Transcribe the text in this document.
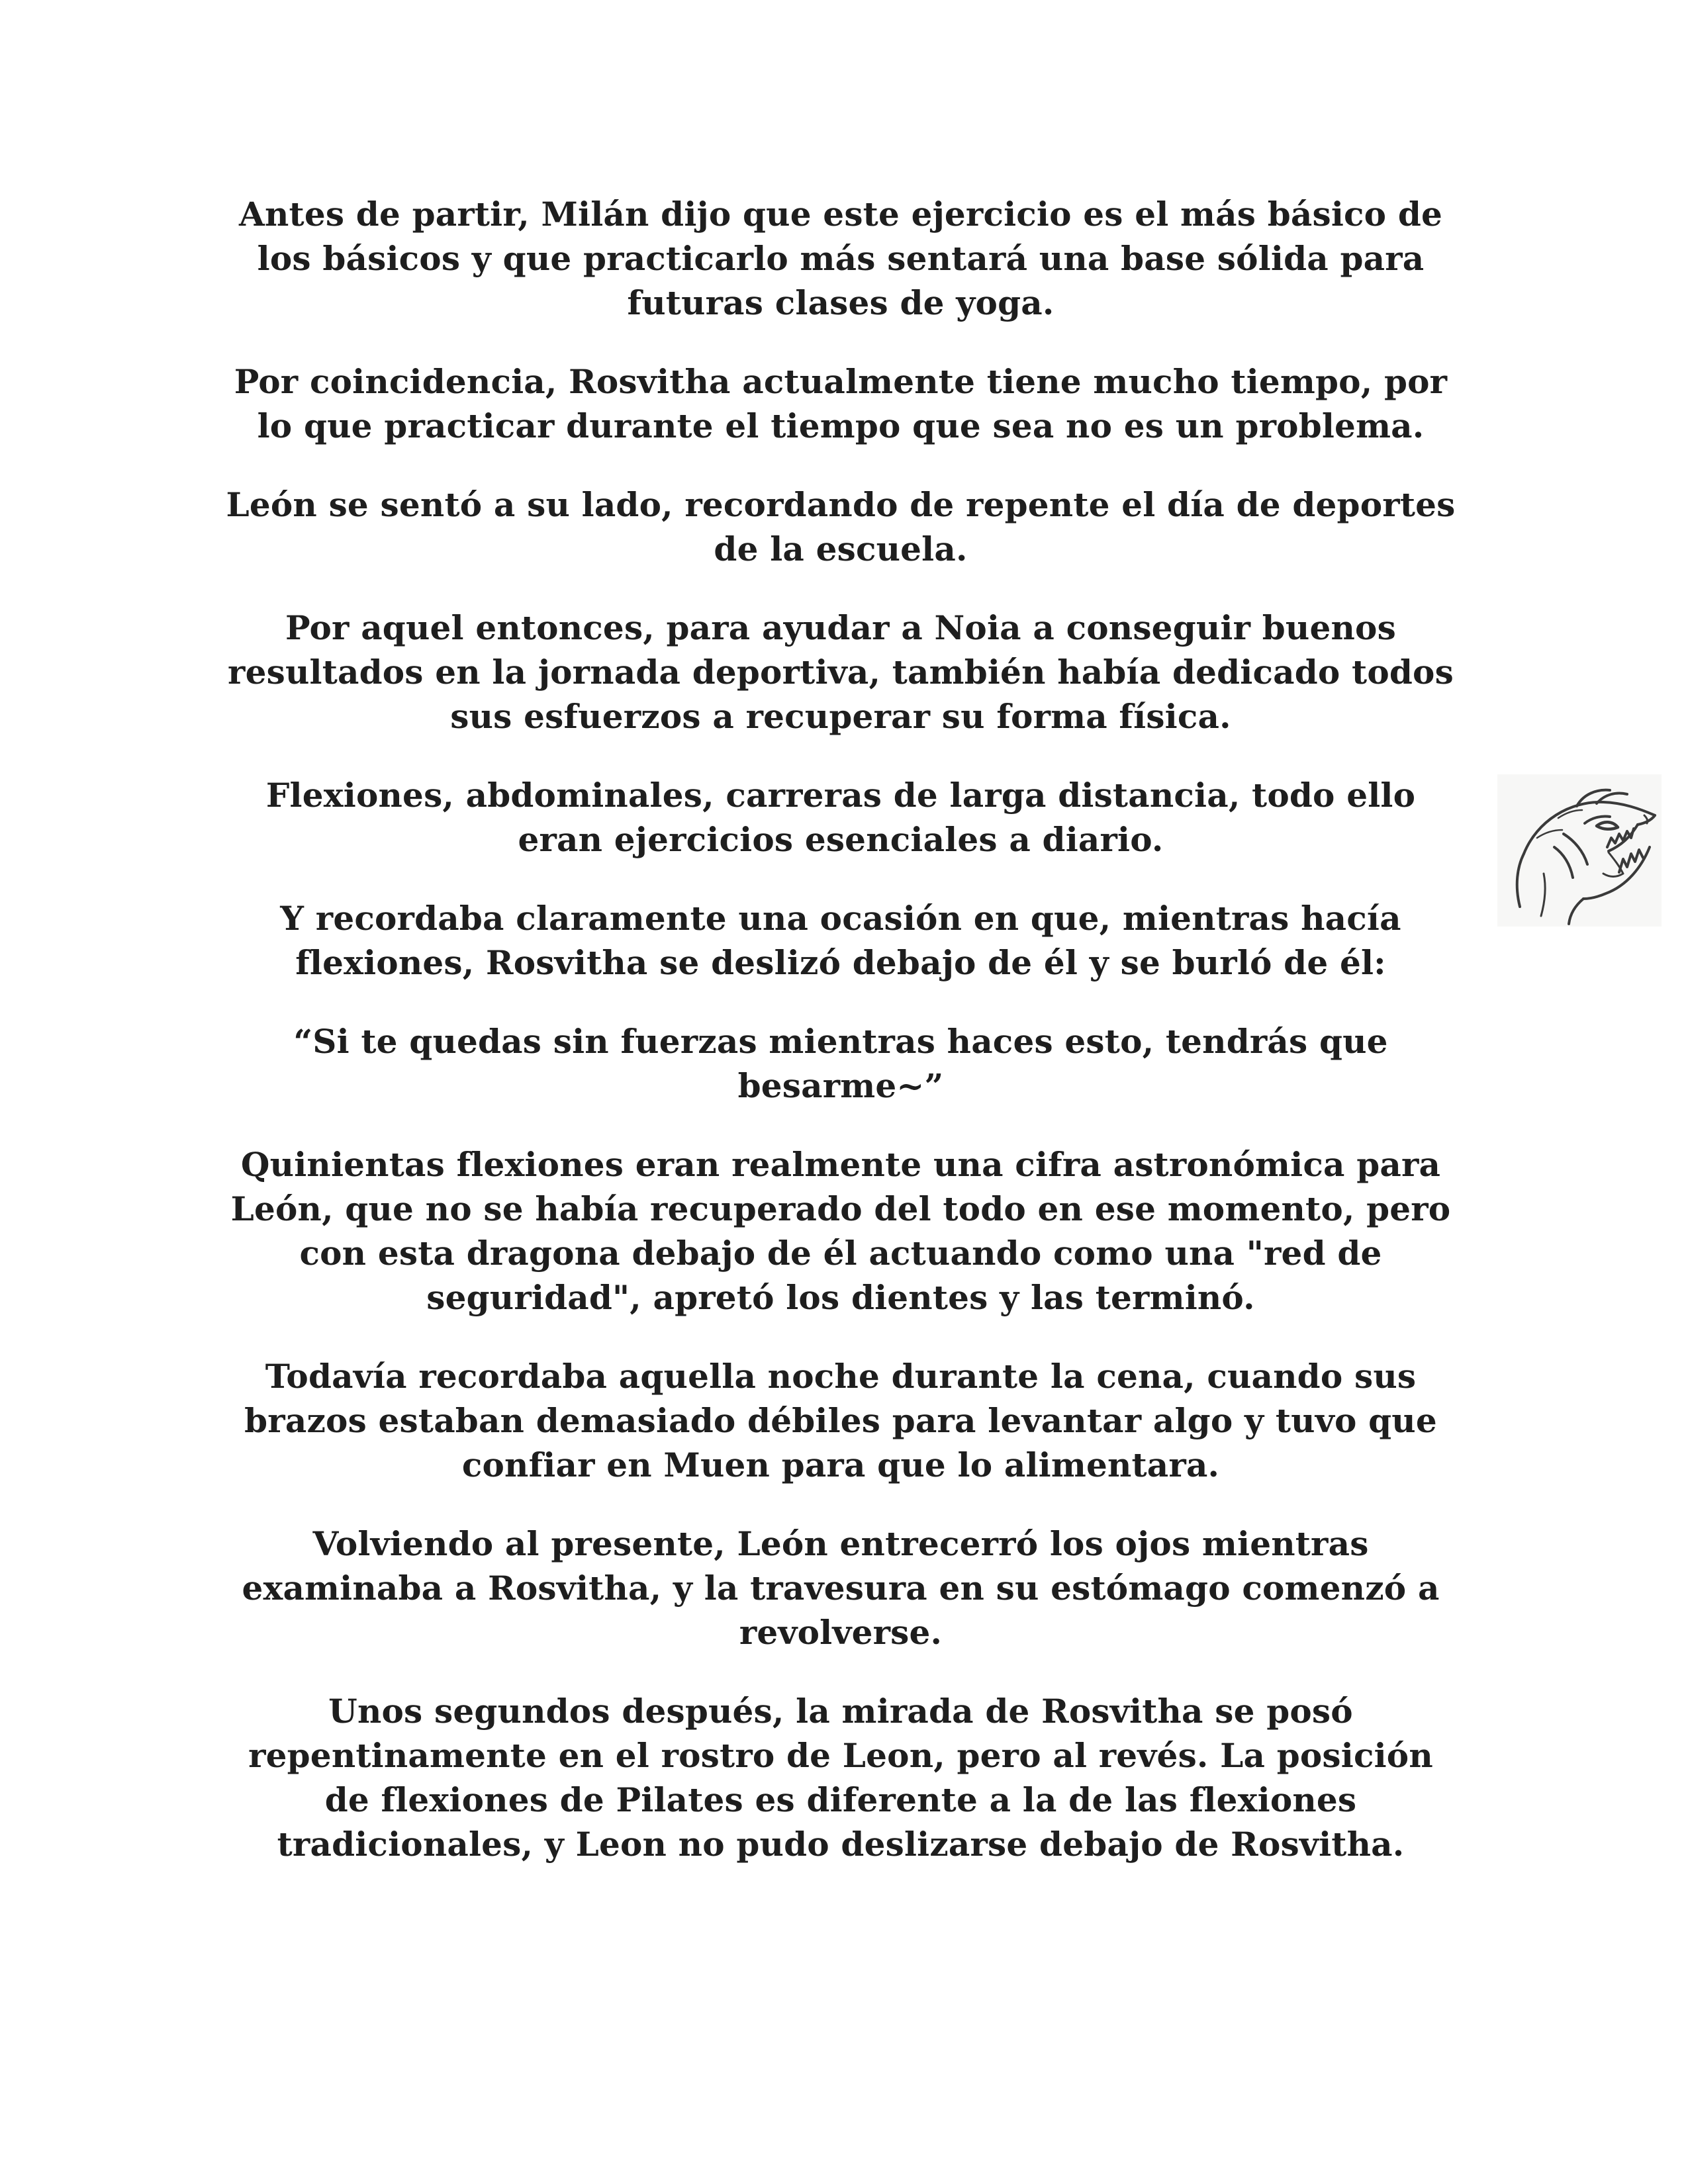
Antes de partir, Milán dijo que este ejercicio es el más básico de los básicos y que practicarlo más sentará una base sólida para futuras clases de yoga.

Por coincidencia, Rosvitha actualmente tiene mucho tiempo, por lo que practicar durante el tiempo que sea no es un problema.

León se sentó a su lado, recordando de repente el día de deportes de la escuela.

Por aquel entonces, para ayudar a Noia a conseguir buenos resultados en la jornada deportiva, también había dedicado todos sus esfuerzos a recuperar su forma física.

Flexiones, abdominales, carreras de larga distancia, todo ello eran ejercicios esenciales a diario.

Y recordaba claramente una ocasión en que, mientras hacía flexiones, Rosvitha se deslizó debajo de él y se burló de él:

“Si te quedas sin fuerzas mientras haces esto, tendrás que besarme~”

Quinientas flexiones eran realmente una cifra astronómica para León, que no se había recuperado del todo en ese momento, pero con esta dragona debajo de él actuando como una "red de seguridad", apretó los dientes y las terminó.

Todavía recordaba aquella noche durante la cena, cuando sus brazos estaban demasiado débiles para levantar algo y tuvo que confiar en Muen para que lo alimentara.

Volviendo al presente, León entrecerró los ojos mientras examinaba a Rosvitha, y la travesura en su estómago comenzó a revolverse.

Unos segundos después, la mirada de Rosvitha se posó repentinamente en el rostro de Leon, pero al revés. La posición de flexiones de Pilates es diferente a la de las flexiones tradicionales, y Leon no pudo deslizarse debajo de Rosvitha.
